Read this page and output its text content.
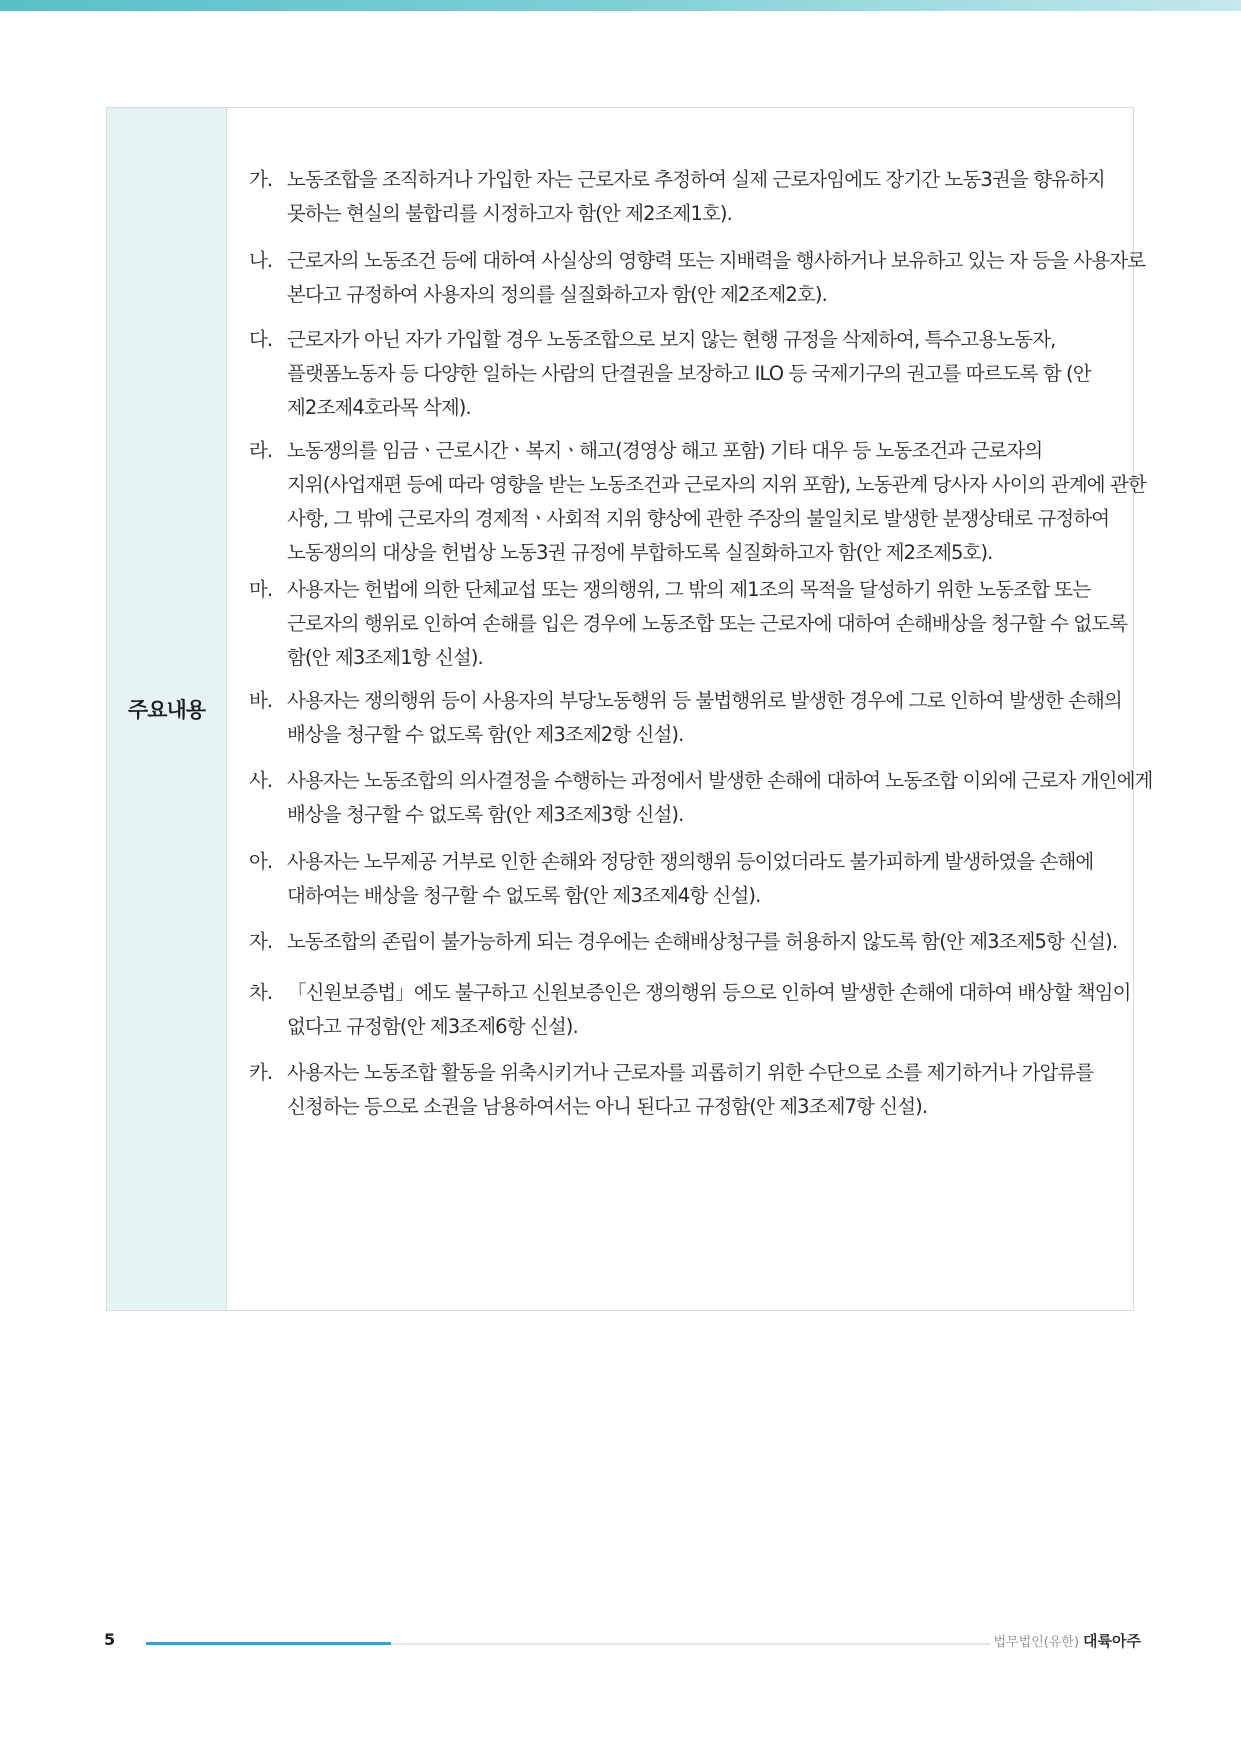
주요내용
가. 노동조합을 조직하거나 가입한 자는 근로자로 추정하여 실제 근로자임에도 장기간 노동3권을 향유하지
못하는 현실의 불합리를 시정하고자 함(안 제2조제1호).
나. 근로자의 노동조건 등에 대하여 사실상의 영향력 또는 지배력을 행사하거나 보유하고 있는 자 등을 사용자로
본다고 규정하여 사용자의 정의를 실질화하고자 함(안 제2조제2호).
다. 근로자가 아닌 자가 가입할 경우 노동조합으로 보지 않는 현행 규정을 삭제하여, 특수고용노동자,
플랫폼노동자 등 다양한 일하는 사람의 단결권을 보장하고 ILO 등 국제기구의 권고를 따르도록 함 (안
제2조제4호라목 삭제).
라. 노동쟁의를 임금ㆍ근로시간ㆍ복지ㆍ해고(경영상 해고 포함) 기타 대우 등 노동조건과 근로자의
지위(사업재편 등에 따라 영향을 받는 노동조건과 근로자의 지위 포함), 노동관계 당사자 사이의 관계에 관한
사항, 그 밖에 근로자의 경제적ㆍ사회적 지위 향상에 관한 주장의 불일치로 발생한 분쟁상태로 규정하여
노동쟁의의 대상을 헌법상 노동3권 규정에 부합하도록 실질화하고자 함(안 제2조제5호).
마. 사용자는 헌법에 의한 단체교섭 또는 쟁의행위, 그 밖의 제1조의 목적을 달성하기 위한 노동조합 또는
근로자의 행위로 인하여 손해를 입은 경우에 노동조합 또는 근로자에 대하여 손해배상을 청구할 수 없도록
함(안 제3조제1항 신설).
바. 사용자는 쟁의행위 등이 사용자의 부당노동행위 등 불법행위로 발생한 경우에 그로 인하여 발생한 손해의
배상을 청구할 수 없도록 함(안 제3조제2항 신설).
사. 사용자는 노동조합의 의사결정을 수행하는 과정에서 발생한 손해에 대하여 노동조합 이외에 근로자 개인에게
배상을 청구할 수 없도록 함(안 제3조제3항 신설).
아. 사용자는 노무제공 거부로 인한 손해와 정당한 쟁의행위 등이었더라도 불가피하게 발생하였을 손해에
대하여는 배상을 청구할 수 없도록 함(안 제3조제4항 신설).
자. 노동조합의 존립이 불가능하게 되는 경우에는 손해배상청구를 허용하지 않도록 함(안 제3조제5항 신설).
차. 「신원보증법」에도 불구하고 신원보증인은 쟁의행위 등으로 인하여 발생한 손해에 대하여 배상할 책임이
없다고 규정함(안 제3조제6항 신설).
카. 사용자는 노동조합 활동을 위축시키거나 근로자를 괴롭히기 위한 수단으로 소를 제기하거나 가압류를
신청하는 등으로 소권을 남용하여서는 아니 된다고 규정함(안 제3조제7항 신설).
5	법무법인(유한) 대륙아주
